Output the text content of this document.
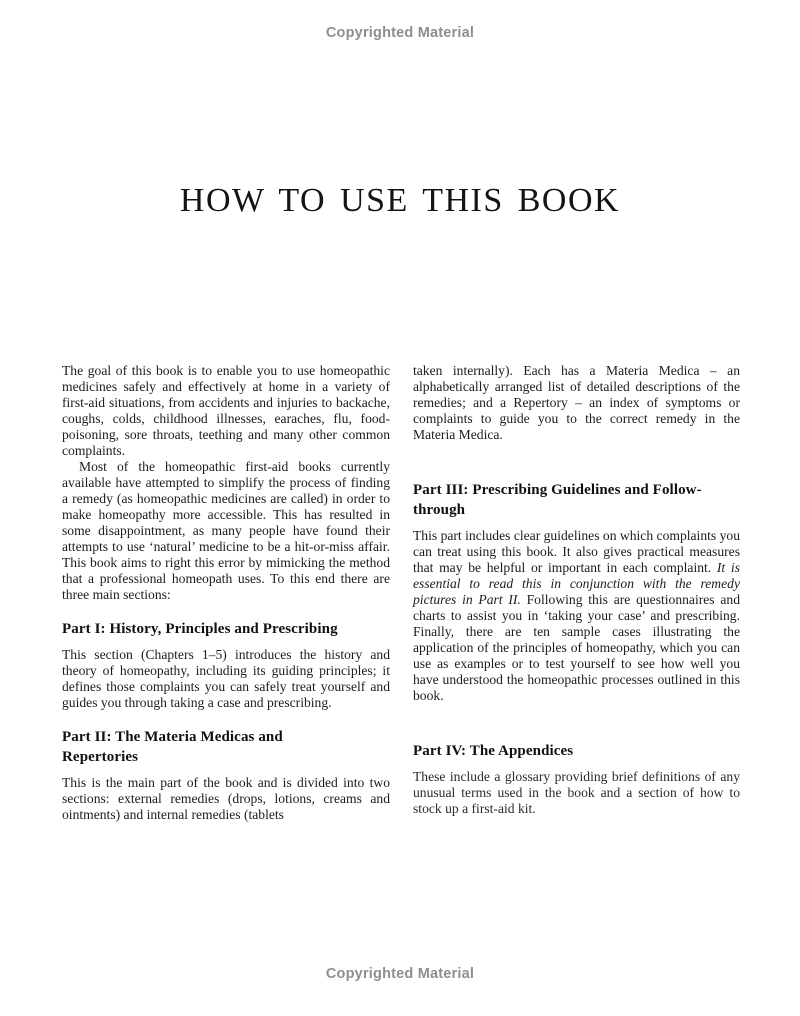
Copyrighted Material
HOW TO USE THIS BOOK

The goal of this book is to enable you to use homeopathic medicines safely and effectively at home in a variety of first-aid situations, from accidents and injuries to backache, coughs, colds, childhood illnesses, earaches, flu, food-poisoning, sore throats, teething and many other common complaints.

Most of the homeopathic first-aid books currently available have attempted to simplify the process of finding a remedy (as homeopathic medicines are called) in order to make homeopathy more accessible. This has resulted in some disappointment, as many people have found their attempts to use ‘natural’ medicine to be a hit-or-miss affair. This book aims to right this error by mimicking the method that a professional homeopath uses. To this end there are three main sections:

Part I: History, Principles and Prescribing

This section (Chapters 1–5) introduces the history and theory of homeopathy, including its guiding principles; it defines those complaints you can safely treat yourself and guides you through taking a case and prescribing.

Part II: The Materia Medicas and Repertories

This is the main part of the book and is divided into two sections: external remedies (drops, lotions, creams and ointments) and internal remedies (tablets

taken internally). Each has a Materia Medica – an alphabetically arranged list of detailed descriptions of the remedies; and a Repertory – an index of symptoms or complaints to guide you to the correct remedy in the Materia Medica.

Part III: Prescribing Guidelines and Follow-through

This part includes clear guidelines on which complaints you can treat using this book. It also gives practical measures that may be helpful or important in each complaint. It is essential to read this in conjunction with the remedy pictures in Part II. Following this are questionnaires and charts to assist you in ‘taking your case’ and prescribing. Finally, there are ten sample cases illustrating the application of the principles of homeopathy, which you can use as examples or to test yourself to see how well you have understood the homeopathic processes outlined in this book.

Part IV: The Appendices

These include a glossary providing brief definitions of any unusual terms used in the book and a section of how to stock up a first-aid kit.

Copyrighted Material
